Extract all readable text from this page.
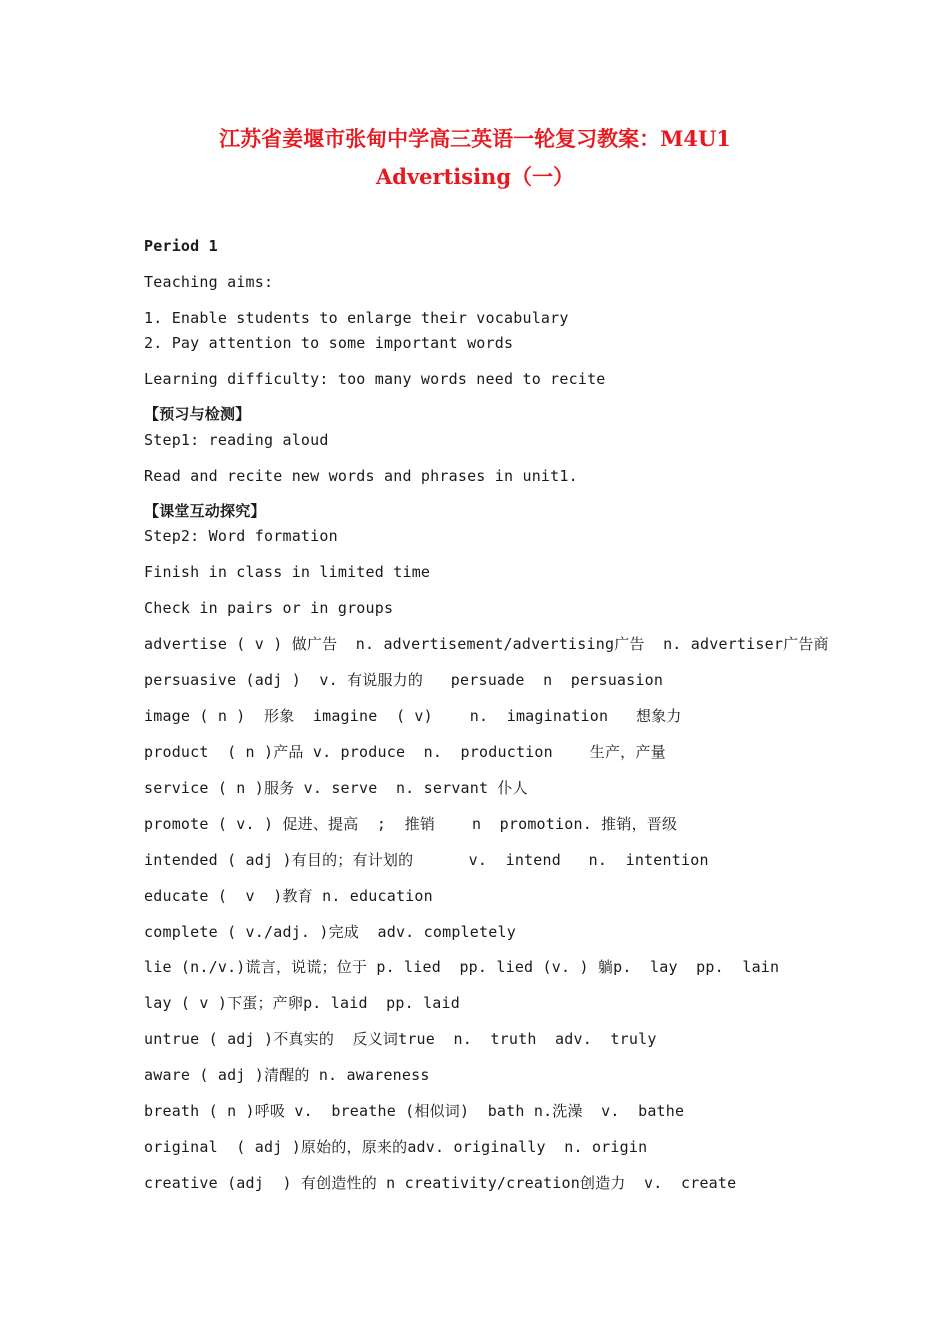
江苏省姜堰市张甸中学高三英语一轮复习教案：M4U1
Advertising（一）
Period 1
Teaching aims:
1. Enable students to enlarge their vocabulary
2. Pay attention to some important words
Learning difficulty: too many words need to recite
【预习与检测】
Step1: reading aloud
Read and recite new words and phrases in unit1.
【课堂互动探究】
Step2: Word formation
Finish in class in limited time
Check in pairs or in groups
advertise ( v ) 做广告  n. advertisement/advertising广告  n. advertiser广告商
persuasive (adj )  v. 有说服力的   persuade  n  persuasion
image ( n )  形象  imagine  ( v)    n.  imagination   想象力
product  ( n )产品 v. produce  n.  production    生产，产量
service ( n )服务 v. serve  n. servant 仆人
promote ( v. ) 促进、提高  ;  推销    n  promotion. 推销，晋级
intended ( adj )有目的；有计划的      v.  intend   n.  intention
educate (  v  )教育 n. education
complete ( v./adj. )完成  adv. completely
lie (n./v.)谎言，说谎；位于 p. lied  pp. lied (v. ) 躺p.  lay  pp.  lain
lay ( v )下蛋；产卵p. laid  pp. laid
untrue ( adj )不真实的  反义词true  n.  truth  adv.  truly
aware ( adj )清醒的 n. awareness
breath ( n )呼吸 v.  breathe (相似词)  bath n.洗澡  v.  bathe
original  ( adj )原始的，原来的adv. originally  n. origin
creative (adj  ) 有创造性的 n creativity/creation创造力  v.  create
